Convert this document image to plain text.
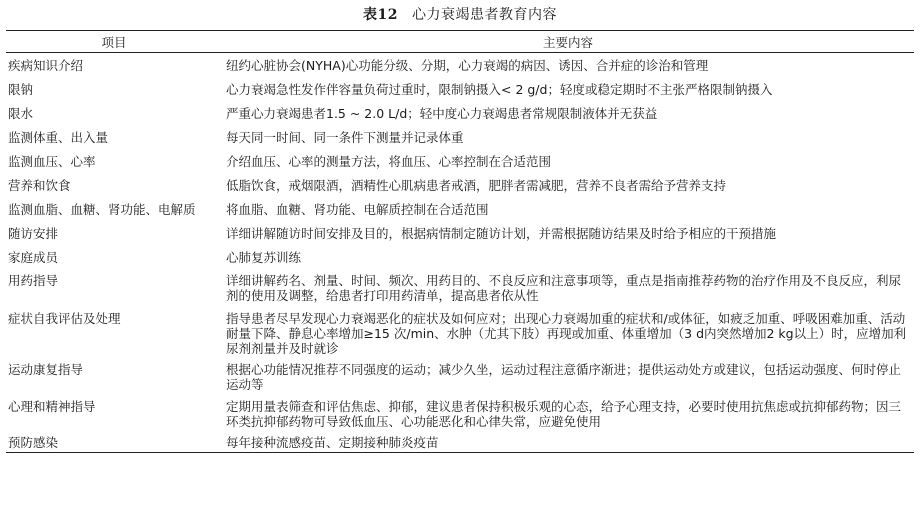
表12 心力衰竭患者教育内容
项目	主要内容
疾病知识介绍	纽约心脏协会(NYHA)心功能分级、分期，心力衰竭的病因、诱因、合并症的诊治和管理
限钠	心力衰竭急性发作伴容量负荷过重时，限制钠摄入< 2 g/d；轻度或稳定期时不主张严格限制钠摄入
限水	严重心力衰竭患者1.5 ~ 2.0 L/d；轻中度心力衰竭患者常规限制液体并无获益
监测体重、出入量	每天同一时间、同一条件下测量并记录体重
监测血压、心率	介绍血压、心率的测量方法，将血压、心率控制在合适范围
营养和饮食	低脂饮食，戒烟限酒，酒精性心肌病患者戒酒，肥胖者需减肥，营养不良者需给予营养支持
监测血脂、血糖、肾功能、电解质	将血脂、血糖、肾功能、电解质控制在合适范围
随访安排	详细讲解随访时间安排及目的，根据病情制定随访计划，并需根据随访结果及时给予相应的干预措施
家庭成员	心肺复苏训练
用药指导	详细讲解药名、剂量、时间、频次、用药目的、不良反应和注意事项等，重点是指南推荐药物的治疗作用及不良反应，利尿剂的使用及调整，给患者打印用药清单，提高患者依从性
症状自我评估及处理	指导患者尽早发现心力衰竭恶化的症状及如何应对；出现心力衰竭加重的症状和/或体征，如疲乏加重、呼吸困难加重、活动耐量下降、静息心率增加≥15 次/min、水肿（尤其下肢）再现或加重、体重增加（3 d内突然增加2 kg以上）时，应增加利尿剂剂量并及时就诊
运动康复指导	根据心功能情况推荐不同强度的运动；减少久坐，运动过程注意循序渐进；提供运动处方或建议，包括运动强度、何时停止运动等
心理和精神指导	定期用量表筛查和评估焦虑、抑郁，建议患者保持积极乐观的心态，给予心理支持，必要时使用抗焦虑或抗抑郁药物；因三环类抗抑郁药物可导致低血压、心功能恶化和心律失常，应避免使用
预防感染	每年接种流感疫苗、定期接种肺炎疫苗
